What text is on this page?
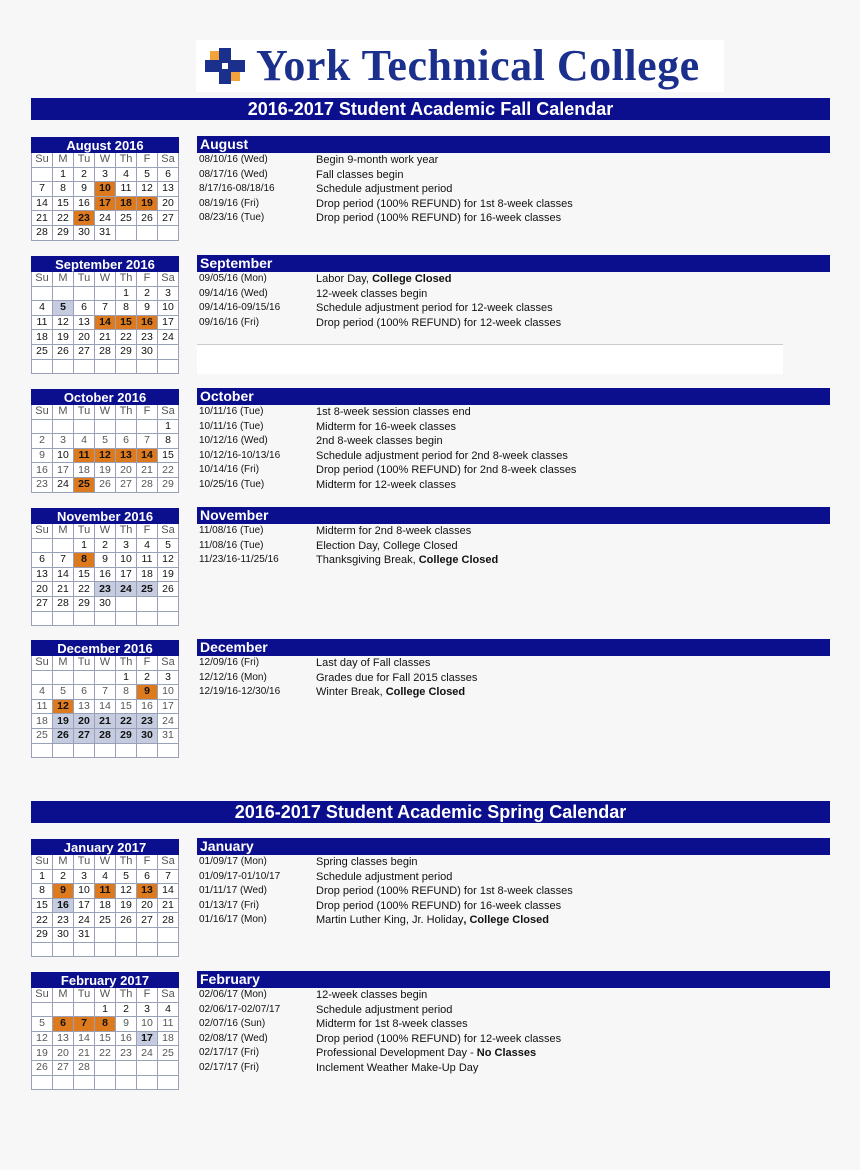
York Technical College
2016-2017 Student Academic Fall Calendar
2016-2017 Student Academic Spring Calendar
August 2016						
Su	M	Tu	W	Th	F	Sa
	1	2	3	4	5	6
7	8	9	10	11	12	13
14	15	16	17	18	19	20
21	22	23	24	25	26	27
28	29	30	31			
September 2016						
Su	M	Tu	W	Th	F	Sa
				1	2	3
4	5	6	7	8	9	10
11	12	13	14	15	16	17
18	19	20	21	22	23	24
25	26	27	28	29	30	

October 2016						
Su	M	Tu	W	Th	F	Sa
						1
2	3	4	5	6	7	8
9	10	11	12	13	14	15
16	17	18	19	20	21	22
23	24	25	26	27	28	29
November 2016						
Su	M	Tu	W	Th	F	Sa
		1	2	3	4	5
6	7	8	9	10	11	12
13	14	15	16	17	18	19
20	21	22	23	24	25	26
27	28	29	30			

December 2016						
Su	M	Tu	W	Th	F	Sa
				1	2	3
4	5	6	7	8	9	10
11	12	13	14	15	16	17
18	19	20	21	22	23	24
25	26	27	28	29	30	31

January 2017						
Su	M	Tu	W	Th	F	Sa
1	2	3	4	5	6	7
8	9	10	11	12	13	14
15	16	17	18	19	20	21
22	23	24	25	26	27	28
29	30	31				

February 2017						
Su	M	Tu	W	Th	F	Sa
			1	2	3	4
5	6	7	8	9	10	11
12	13	14	15	16	17	18
19	20	21	22	23	24	25
26	27	28				

August
08/10/16 (Wed)	Begin 9-month work year
08/17/16 (Wed)	Fall classes begin
8/17/16-08/18/16	Schedule adjustment period
08/19/16 (Fri)	Drop period (100% REFUND) for 1st 8-week classes
08/23/16 (Tue)	Drop period (100% REFUND) for 16-week classes
September
09/05/16 (Mon)	Labor Day, College Closed
09/14/16 (Wed)	12-week classes begin
09/14/16-09/15/16	Schedule adjustment period for 12-week classes
09/16/16 (Fri)	Drop period (100% REFUND) for 12-week classes
October
10/11/16 (Tue)	1st 8-week session classes end
10/11/16 (Tue)	Midterm for 16-week classes
10/12/16 (Wed)	2nd 8-week classes begin
10/12/16-10/13/16	Schedule adjustment period for 2nd 8-week classes
10/14/16 (Fri)	Drop period (100% REFUND) for 2nd 8-week classes
10/25/16 (Tue)	Midterm for 12-week classes
November
11/08/16 (Tue)	Midterm for 2nd 8-week classes
11/08/16 (Tue)	Election Day, College Closed
11/23/16-11/25/16	Thanksgiving Break, College Closed
December
12/09/16 (Fri)	Last day of Fall classes
12/12/16 (Mon)	Grades due for Fall 2015 classes
12/19/16-12/30/16	Winter Break, College Closed
January
01/09/17 (Mon)	Spring classes begin
01/09/17-01/10/17	Schedule adjustment period
01/11/17 (Wed)	Drop period (100% REFUND) for 1st 8-week classes
01/13/17 (Fri)	Drop period (100% REFUND) for 16-week classes
01/16/17 (Mon)	Martin Luther King, Jr. Holiday, College Closed
February
02/06/17 (Mon)	12-week classes begin
02/06/17-02/07/17	Schedule adjustment period
02/07/16 (Sun)	Midterm for 1st 8-week classes
02/08/17 (Wed)	Drop period (100% REFUND) for 12-week classes
02/17/17 (Fri)	Professional Development Day - No Classes
02/17/17 (Fri)	Inclement Weather Make-Up Day
